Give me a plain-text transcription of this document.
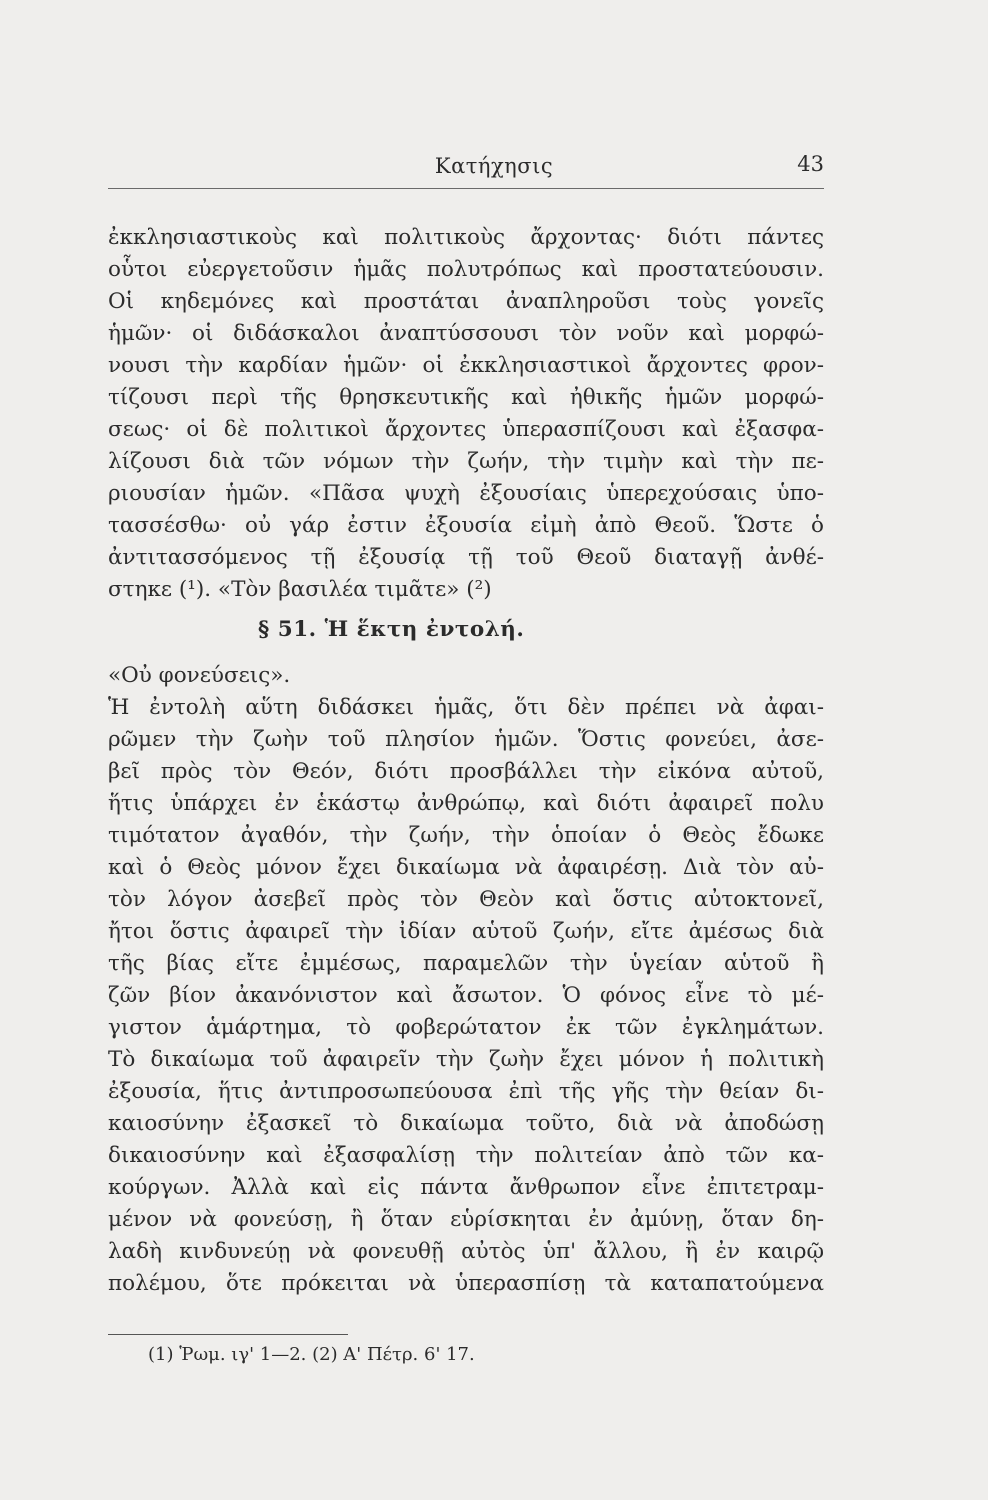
Κατήχησις	43
ἐκκλησιαστικοὺς καὶ πολιτικοὺς ἄρχοντας· διότι πάντες
οὗτοι εὐεργετοῦσιν ἡμᾶς πολυτρόπως καὶ προστατεύουσιν.
Οἱ κηδεμόνες καὶ προστάται ἀναπληροῦσι τοὺς γονεῖς
ἡμῶν· οἱ διδάσκαλοι ἀναπτύσσουσι τὸν νοῦν καὶ μορφώ-
νουσι τὴν καρδίαν ἡμῶν· οἱ ἐκκλησιαστικοὶ ἄρχοντες φρον-
τίζουσι περὶ τῆς θρησκευτικῆς καὶ ἠθικῆς ἡμῶν μορφώ-
σεως· οἱ δὲ πολιτικοὶ ἄρχοντες ὑπερασπίζουσι καὶ ἐξασφα-
λίζουσι διὰ τῶν νόμων τὴν ζωήν, τὴν τιμὴν καὶ τὴν πε-
ριουσίαν ἡμῶν. «Πᾶσα ψυχὴ ἐξουσίαις ὑπερεχούσαις ὑπο-
τασσέσθω· οὐ γάρ ἐστιν ἐξουσία εἰμὴ ἀπὸ Θεοῦ. Ὥστε ὁ
ἀντιτασσόμενος τῇ ἐξουσίᾳ τῇ τοῦ Θεοῦ διαταγῇ ἀνθέ-
στηκε (¹). «Τὸν βασιλέα τιμᾶτε» (²)
§ 51. Ἡ ἕκτη ἐντολή.
«Οὐ φονεύσεις».
Ἡ ἐντολὴ αὕτη διδάσκει ἡμᾶς, ὅτι δὲν πρέπει νὰ ἀφαι-
ρῶμεν τὴν ζωὴν τοῦ πλησίον ἡμῶν. Ὅστις φονεύει, ἀσε-
βεῖ πρὸς τὸν Θεόν, διότι προσβάλλει τὴν εἰκόνα αὐτοῦ,
ἥτις ὑπάρχει ἐν ἑκάστῳ ἀνθρώπῳ, καὶ διότι ἀφαιρεῖ πολυ
τιμότατον ἀγαθόν, τὴν ζωήν, τὴν ὁποίαν ὁ Θεὸς ἔδωκε
καὶ ὁ Θεὸς μόνον ἔχει δικαίωμα νὰ ἀφαιρέσῃ. Διὰ τὸν αὐ-
τὸν λόγον ἀσεβεῖ πρὸς τὸν Θεὸν καὶ ὅστις αὐτοκτονεῖ,
ἤτοι ὅστις ἀφαιρεῖ τὴν ἰδίαν αὑτοῦ ζωήν, εἴτε ἀμέσως διὰ
τῆς βίας εἴτε ἐμμέσως, παραμελῶν τὴν ὑγείαν αὑτοῦ ἢ
ζῶν βίον ἀκανόνιστον καὶ ἄσωτον. Ὁ φόνος εἶνε τὸ μέ-
γιστον ἁμάρτημα, τὸ φοβερώτατον ἐκ τῶν ἐγκλημάτων.
Τὸ δικαίωμα τοῦ ἀφαιρεῖν τὴν ζωὴν ἔχει μόνον ἡ πολιτικὴ
ἐξουσία, ἥτις ἀντιπροσωπεύουσα ἐπὶ τῆς γῆς τὴν θείαν δι-
καιοσύνην ἐξασκεῖ τὸ δικαίωμα τοῦτο, διὰ νὰ ἀποδώσῃ
δικαιοσύνην καὶ ἐξασφαλίσῃ τὴν πολιτείαν ἀπὸ τῶν κα-
κούργων. Ἀλλὰ καὶ εἰς πάντα ἄνθρωπον εἶνε ἐπιτετραμ-
μένον νὰ φονεύσῃ, ἢ ὅταν εὑρίσκηται ἐν ἀμύνῃ, ὅταν δη-
λαδὴ κινδυνεύῃ νὰ φονευθῇ αὐτὸς ὑπ' ἄλλου, ἢ ἐν καιρῷ
πολέμου, ὅτε πρόκειται νὰ ὑπερασπίσῃ τὰ καταπατούμενα
(1) Ῥωμ. ιγ' 1—2. (2) Α' Πέτρ. 6' 17.
